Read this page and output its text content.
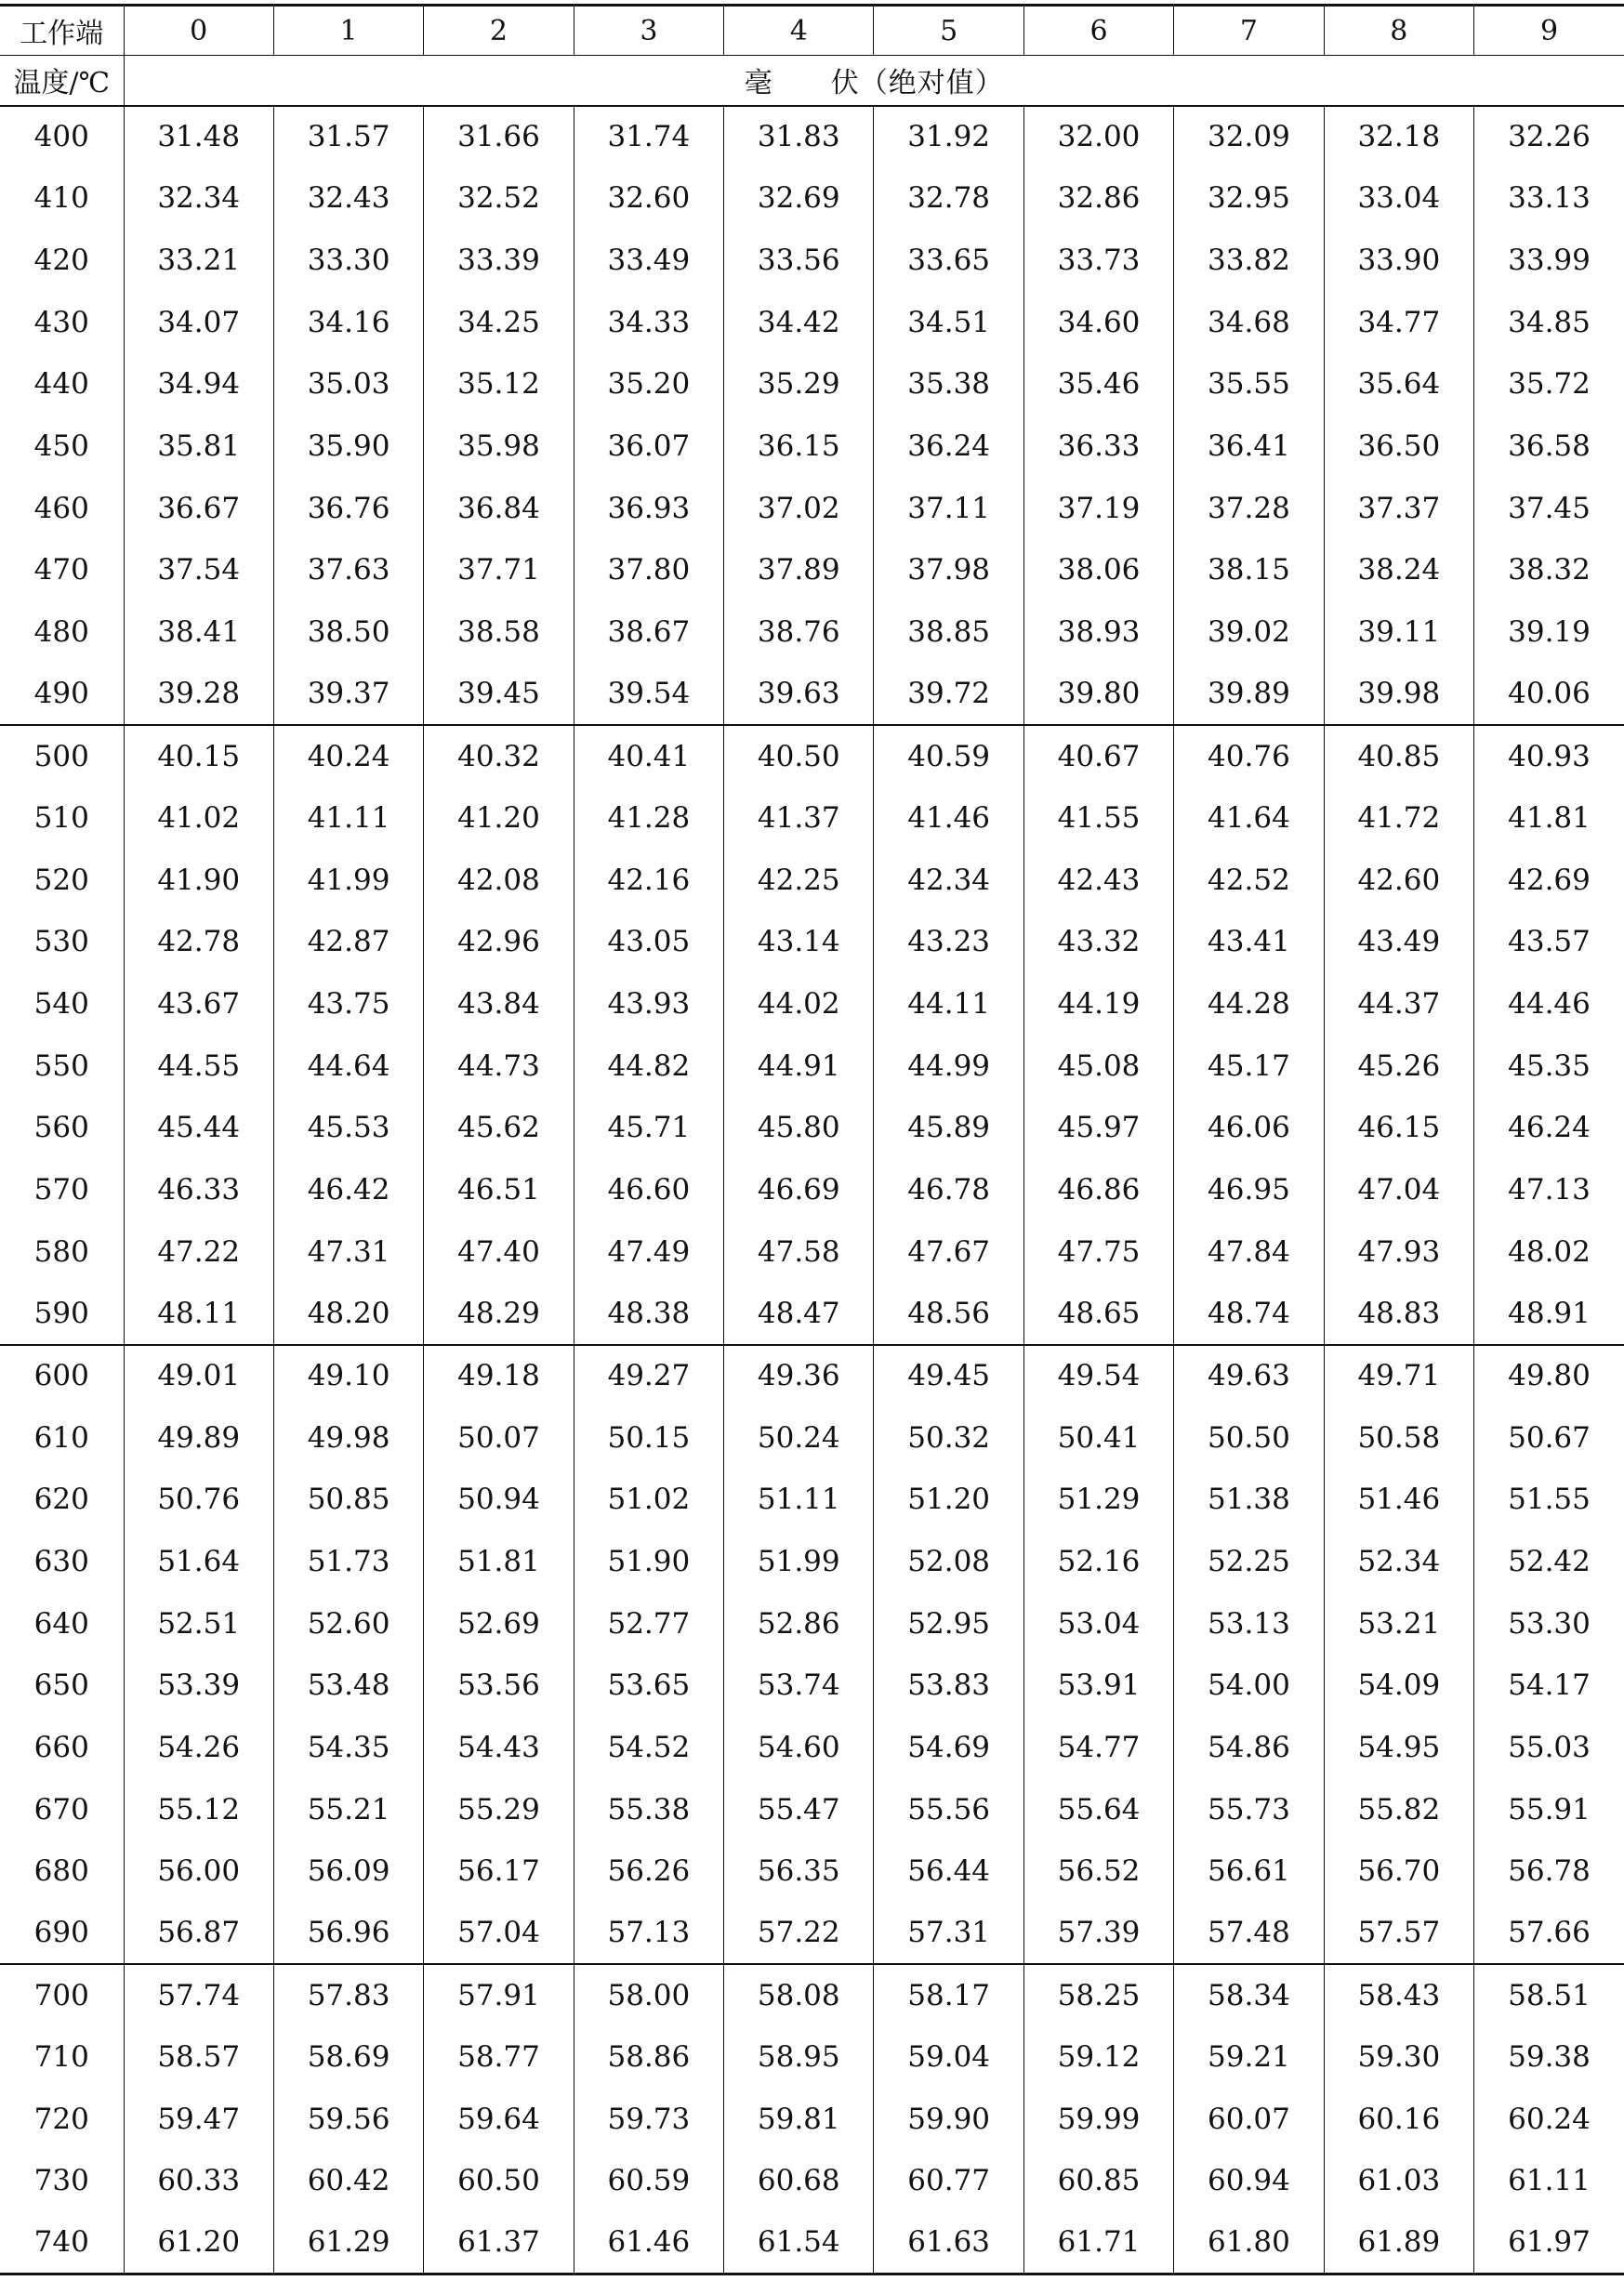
工作端	0	1	2	3	4	5	6	7	8	9
温度/℃	毫　　伏（绝对值）									
400	31.48	31.57	31.66	31.74	31.83	31.92	32.00	32.09	32.18	32.26
410	32.34	32.43	32.52	32.60	32.69	32.78	32.86	32.95	33.04	33.13
420	33.21	33.30	33.39	33.49	33.56	33.65	33.73	33.82	33.90	33.99
430	34.07	34.16	34.25	34.33	34.42	34.51	34.60	34.68	34.77	34.85
440	34.94	35.03	35.12	35.20	35.29	35.38	35.46	35.55	35.64	35.72
450	35.81	35.90	35.98	36.07	36.15	36.24	36.33	36.41	36.50	36.58
460	36.67	36.76	36.84	36.93	37.02	37.11	37.19	37.28	37.37	37.45
470	37.54	37.63	37.71	37.80	37.89	37.98	38.06	38.15	38.24	38.32
480	38.41	38.50	38.58	38.67	38.76	38.85	38.93	39.02	39.11	39.19
490	39.28	39.37	39.45	39.54	39.63	39.72	39.80	39.89	39.98	40.06
500	40.15	40.24	40.32	40.41	40.50	40.59	40.67	40.76	40.85	40.93
510	41.02	41.11	41.20	41.28	41.37	41.46	41.55	41.64	41.72	41.81
520	41.90	41.99	42.08	42.16	42.25	42.34	42.43	42.52	42.60	42.69
530	42.78	42.87	42.96	43.05	43.14	43.23	43.32	43.41	43.49	43.57
540	43.67	43.75	43.84	43.93	44.02	44.11	44.19	44.28	44.37	44.46
550	44.55	44.64	44.73	44.82	44.91	44.99	45.08	45.17	45.26	45.35
560	45.44	45.53	45.62	45.71	45.80	45.89	45.97	46.06	46.15	46.24
570	46.33	46.42	46.51	46.60	46.69	46.78	46.86	46.95	47.04	47.13
580	47.22	47.31	47.40	47.49	47.58	47.67	47.75	47.84	47.93	48.02
590	48.11	48.20	48.29	48.38	48.47	48.56	48.65	48.74	48.83	48.91
600	49.01	49.10	49.18	49.27	49.36	49.45	49.54	49.63	49.71	49.80
610	49.89	49.98	50.07	50.15	50.24	50.32	50.41	50.50	50.58	50.67
620	50.76	50.85	50.94	51.02	51.11	51.20	51.29	51.38	51.46	51.55
630	51.64	51.73	51.81	51.90	51.99	52.08	52.16	52.25	52.34	52.42
640	52.51	52.60	52.69	52.77	52.86	52.95	53.04	53.13	53.21	53.30
650	53.39	53.48	53.56	53.65	53.74	53.83	53.91	54.00	54.09	54.17
660	54.26	54.35	54.43	54.52	54.60	54.69	54.77	54.86	54.95	55.03
670	55.12	55.21	55.29	55.38	55.47	55.56	55.64	55.73	55.82	55.91
680	56.00	56.09	56.17	56.26	56.35	56.44	56.52	56.61	56.70	56.78
690	56.87	56.96	57.04	57.13	57.22	57.31	57.39	57.48	57.57	57.66
700	57.74	57.83	57.91	58.00	58.08	58.17	58.25	58.34	58.43	58.51
710	58.57	58.69	58.77	58.86	58.95	59.04	59.12	59.21	59.30	59.38
720	59.47	59.56	59.64	59.73	59.81	59.90	59.99	60.07	60.16	60.24
730	60.33	60.42	60.50	60.59	60.68	60.77	60.85	60.94	61.03	61.11
740	61.20	61.29	61.37	61.46	61.54	61.63	61.71	61.80	61.89	61.97
